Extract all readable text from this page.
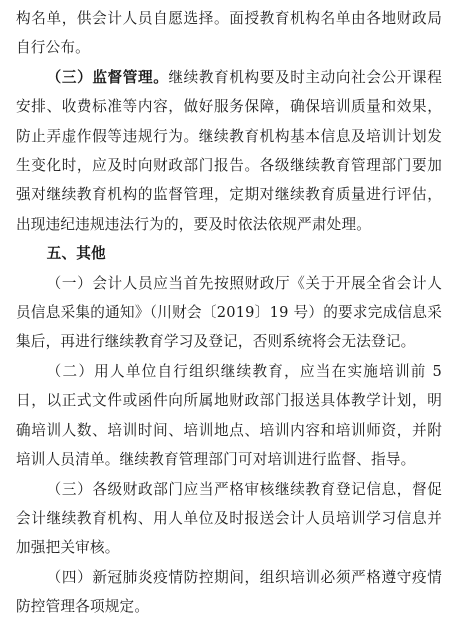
构名单，供会计人员自愿选择。面授教育机构名单由各地财政局自行公布。

（三）监督管理。继续教育机构要及时主动向社会公开课程安排、收费标准等内容，做好服务保障，确保培训质量和效果，防止弄虚作假等违规行为。继续教育机构基本信息及培训计划发生变化时，应及时向财政部门报告。各级继续教育管理部门要加强对继续教育机构的监督管理，定期对继续教育质量进行评估，出现违纪违规违法行为的，要及时依法依规严肃处理。

五、其他

（一）会计人员应当首先按照财政厅《关于开展全省会计人员信息采集的通知》（川财会〔2019〕19 号）的要求完成信息采集后，再进行继续教育学习及登记，否则系统将会无法登记。

（二）用人单位自行组织继续教育，应当在实施培训前 5 日，以正式文件或函件向所属地财政部门报送具体教学计划，明确培训人数、培训时间、培训地点、培训内容和培训师资，并附培训人员清单。继续教育管理部门可对培训进行监督、指导。

（三）各级财政部门应当严格审核继续教育登记信息，督促会计继续教育机构、用人单位及时报送会计人员培训学习信息并加强把关审核。

（四）新冠肺炎疫情防控期间，组织培训必须严格遵守疫情防控管理各项规定。
